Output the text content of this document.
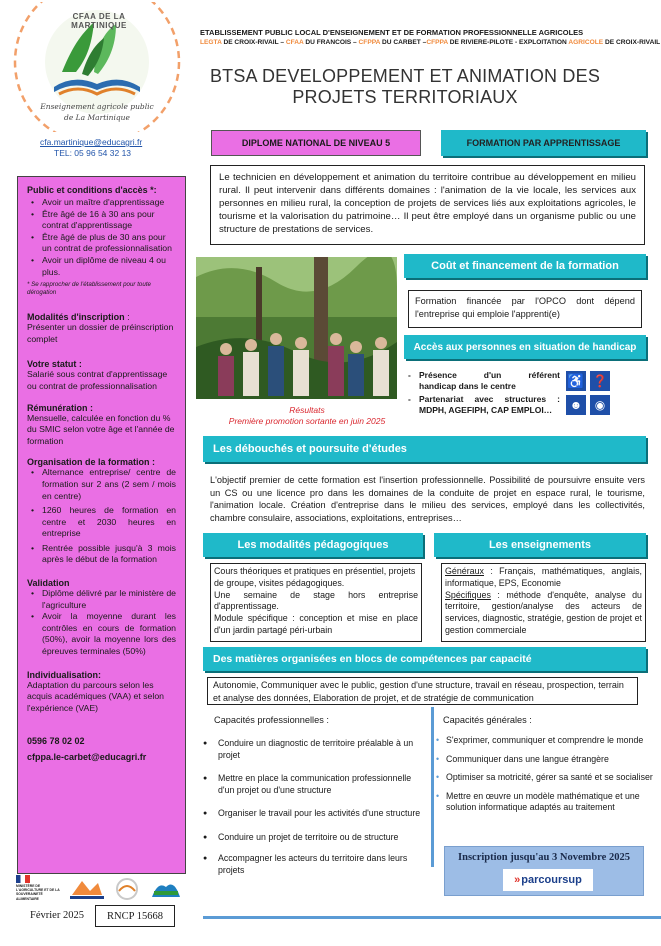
CFAA DE LA MARTINIQUE
Enseignement agricole public
de La Martinique
cfa.martinique@educagri.fr
TEL: 05 96 54 32 13
ETABLISSEMENT PUBLIC LOCAL D'ENSEIGNEMENT ET DE FORMATION PROFESSIONNELLE AGRICOLES
LEGTA DE CROIX-RIVAIL – CFAA DU FRANCOIS – CFPPA DU CARBET –CFPPA DE RIVIERE-PILOTE - EXPLOITATION AGRICOLE DE CROIX-RIVAIL
BTSA DEVELOPPEMENT ET ANIMATION DES
PROJETS TERRITORIAUX
DIPLOME NATIONAL DE NIVEAU 5	FORMATION PAR APPRENTISSAGE
Le technicien en développement et animation du territoire contribue au développement en milieu rural. Il peut intervenir dans différents domaines : l'animation de la vie locale, les services aux personnes en milieu rural, la conception de projets de services liés aux exploitations agricoles, le tourisme et la valorisation du patrimoine… Il peut être employé dans un organisme public ou une structure de prestations de services.
Public et conditions d'accès *:
• Avoir un maître d'apprentissage
• Être âgé de 16 à 30 ans pour contrat d'apprentissage
• Être âgé de plus de 30 ans pour un contrat de professionnalisation
• Avoir un diplôme de niveau 4 ou plus.
* Se rapprocher de l'établissement pour toute dérogation
Modalités d'inscription :
Présenter un dossier de préinscription complet
Votre statut :
Salarié sous contrat d'apprentissage ou contrat de professionnalisation
Rémunération :
Mensuelle, calculée en fonction du % du SMIC selon votre âge et l'année de formation
Organisation de la formation :
• Alternance entreprise/ centre de formation sur 2 ans (2 sem / mois en centre)
• 1260 heures de formation en centre et 2030 heures en entreprise
• Rentrée possible jusqu'à 3 mois après le début de la formation
Validation
• Diplôme délivré par le ministère de l'agriculture
• Avoir la moyenne durant les contrôles en cours de formation (50%), avoir la moyenne lors des épreuves terminales (50%)
Individualisation:
Adaptation du parcours selon les acquis académiques (VAA) et selon l'expérience (VAE)
0596 78 02 02
cfppa.le-carbet@educagri.fr
Résultats
Première promotion sortante en juin 2025
Coût et financement de la formation
Formation financée par l'OPCO dont dépend l'entreprise qui emploie l'apprenti(e)
Accès aux personnes en situation de handicap
- Présence d'un référent
handicap dans le centre
- Partenariat avec structures :
MDPH, AGEFIPH, CAP EMPLOI…
♿ ❓
☻	◉
Les débouchés et poursuite d'études
L'objectif premier de cette formation est l'insertion professionnelle. Possibilité de poursuivre ensuite vers un CS ou une licence pro dans les domaines de la conduite de projet en espace rural, le tourisme, l'animation locale. Création d'entreprise dans le milieu des services, employé dans les collectivités, chambre consulaire, associations, exploitations, entreprises…
Les modalités pédagogiques
Cours théoriques et pratiques en présentiel, projets de groupe, visites pédagogiques.
Une semaine de stage hors entreprise d'apprentissage.
Module spécifique : conception et mise en place d'un jardin partagé péri-urbain
Les enseignements
Généraux : Français, mathématiques, anglais, informatique, EPS, Economie
Spécifiques : méthode d'enquête, analyse du territoire, gestion/analyse des acteurs de services, diagnostic, stratégie, gestion de projet et gestion commerciale
Des matières organisées en blocs de compétences par capacité
Autonomie, Communiquer avec le public, gestion d'une structure, travail en réseau, prospection, terrain et analyse des données, Elaboration de projet, et de stratégie de communication
Capacités professionnelles :
● Conduire un diagnostic de territoire préalable à un projet
● Mettre en place la communication professionnelle d'un projet ou d'une structure
● Organiser le travail pour les activités d'une structure
● Conduire un projet de territoire ou de structure
● Accompagner les acteurs du territoire dans leurs projets
Capacités générales :
• S'exprimer, communiquer et comprendre le monde
• Communiquer dans une langue étrangère
• Optimiser sa motricité, gérer sa santé et se socialiser
• Mettre en œuvre un modèle mathématique et une solution informatique adaptés au traitement
Inscription jusqu'au 3 Novembre 2025
» parcoursup
MINISTÈRE DE L'AGRICULTURE ET DE LA SOUVERAINETÉ ALIMENTAIRE
Février 2025	RNCP 15668
